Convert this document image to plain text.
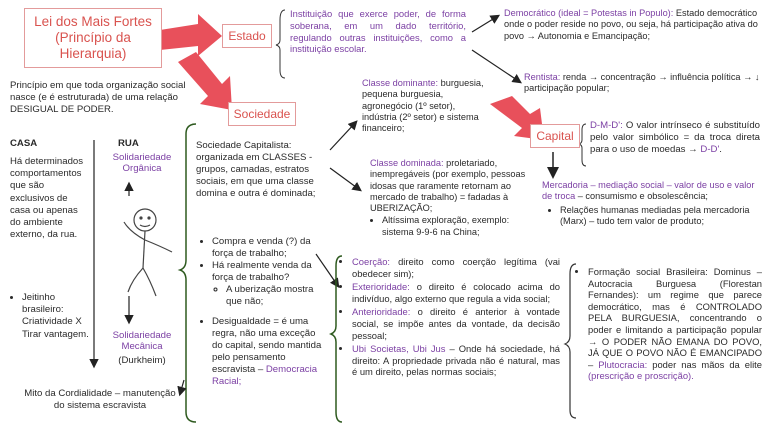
Lei dos Mais Fortes
(Princípio da
Hierarquia)
Princípio em que toda organização social nasce (e é estruturada) de uma relação DESIGUAL DE PODER.
Estado
Instituição que exerce poder, de forma soberana, em um dado território, regulando outras instituições, como a instituição escolar.
Democrático (ideal = Potestas in Populo): Estado democrático onde o poder reside no povo, ou seja, há participação ativa do povo → Autonomia e Emancipação;
Rentista: renda → concentração → influência política → ↓ participação popular;
Sociedade
Classe dominante: burguesia, pequena burguesia, agronegócio (1º setor), indústria (2º setor) e sistema financeiro;
Classe dominada: proletariado, inempregáveis (por exemplo, pessoas idosas que raramente retornam ao mercado de trabalho) = fadadas à UBERIZAÇÃO;
• Altíssima exploração, exemplo: sistema 9-9-6 na China;
Sociedade Capitalista: organizada em CLASSES - grupos, camadas, estratos sociais, em que uma classe domina e outra é dominada;
• Compra e venda (?) da força de trabalho;
• Há realmente venda da força de trabalho?
◦ A uberização mostra que não;
• Desigualdade = é uma regra, não uma exceção do capital, sendo mantida pelo pensamento escravista – Democracia Racial;
Capital
D-M-D': O valor intrínseco é substituído pelo valor simbólico = da troca direta para o uso de moedas → D-D'.
Mercadoria – mediação social – valor de uso e valor de troca – consumismo e obsolescência;
• Relações humanas mediadas pela mercadoria (Marx) – tudo tem valor de produto;
CASA
Há determinados comportamentos que são exclusivos de casa ou apenas do ambiente externo, da rua.
• Jeitinho brasileiro: Criatividade X Tirar vantagem.
RUA
Solidariedade Orgânica
Solidariedade Mecânica
(Durkheim)
Mito da Cordialidade – manutenção do sistema escravista
• Coerção: direito como coerção legítima (vai obedecer sim);
• Exterioridade: o direito é colocado acima do indivíduo, algo externo que regula a vida social;
• Anterioridade: o direito é anterior à vontade social, se impõe antes da vontade, da decisão pessoal;
• Ubi Societas, Ubi Jus – Onde há sociedade, há direito: A propriedade privada não é natural, mas é um direito, pelas normas sociais;
• Formação social Brasileira: Dominus – Autocracia Burguesa (Florestan Fernandes): um regime que parece democrático, mas é CONTROLADO PELA BURGUESIA, concentrando o poder e limitando a participação popular → O PODER NÃO EMANA DO POVO, JÁ QUE O POVO NÃO É EMANCIPADO – Plutocracia: poder nas mãos da elite (prescrição e proscrição).
